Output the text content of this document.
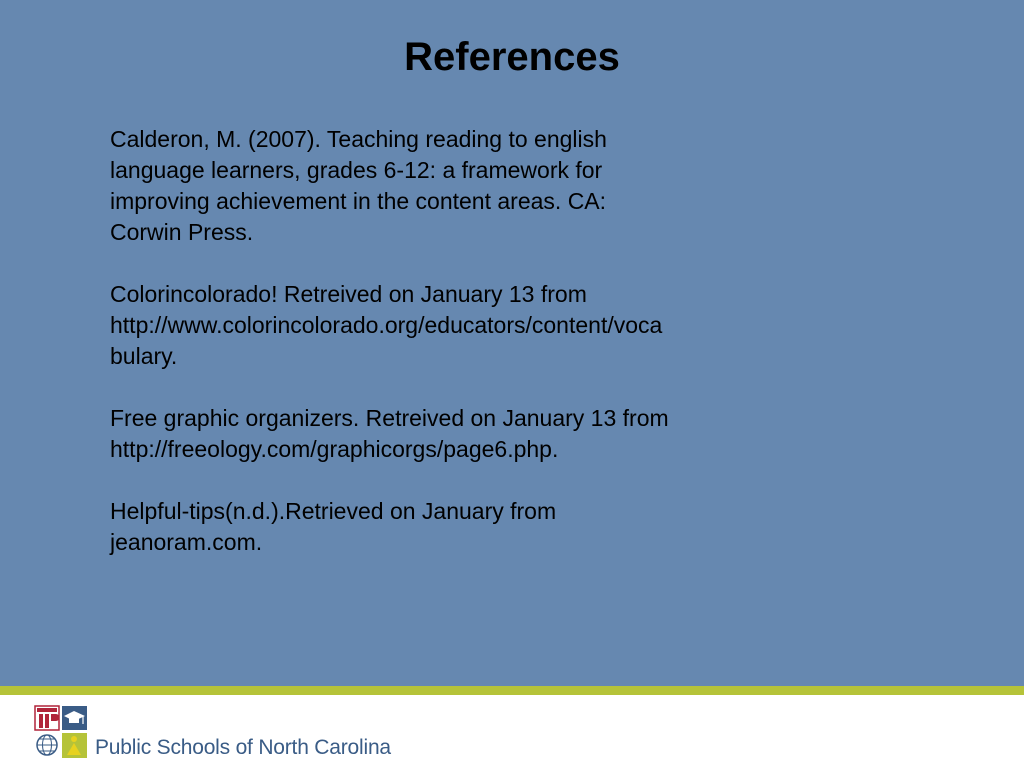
References

Calderon, M. (2007). Teaching reading to english
language learners, grades 6-12: a framework for
improving achievement in the content areas. CA:
Corwin Press.

Colorincolorado! Retreived on January 13 from
http://www.colorincolorado.org/educators/content/voca
bulary.

Free graphic organizers. Retreived on January 13 from
http://freeology.com/graphicorgs/page6.php.

Helpful-tips(n.d.).Retrieved on January from
jeanoram.com.

Public Schools of North Carolina
